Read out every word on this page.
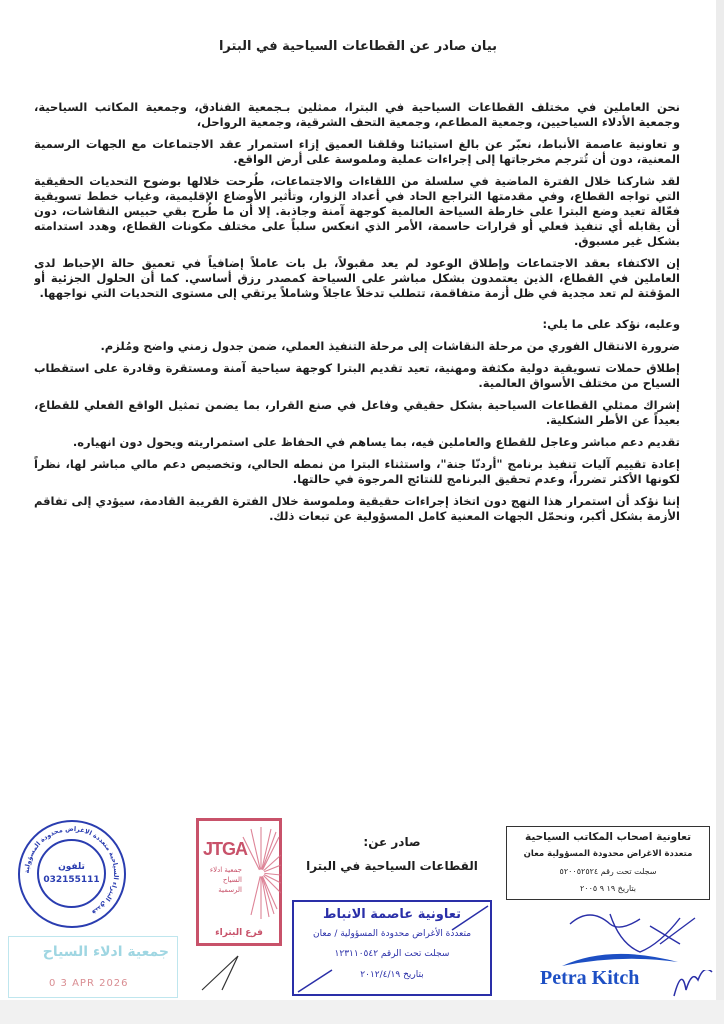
بيان صادر عن القطاعات السياحية في البترا

نحن العاملين في مختلف القطاعات السياحية في البترا، ممثلين بـجمعية الفنادق، وجمعية المكاتب السياحية، وجمعية الأدلاء السياحيين، وجمعية المطاعم، وجمعية التحف الشرقية، وجمعية الرواحل،

و تعاونية عاصمة الأنباط، نعبّر عن بالغ استيائنا وقلقنا العميق إزاء استمرار عقد الاجتماعات مع الجهات الرسمية المعنية، دون أن تُترجم مخرجاتها إلى إجراءات عملية وملموسة على أرض الواقع.

لقد شاركنا خلال الفترة الماضية في سلسلة من اللقاءات والاجتماعات، طُرحت خلالها بوضوح التحديات الحقيقية التي تواجه القطاع، وفي مقدمتها التراجع الحاد في أعداد الزوار، وتأثير الأوضاع الإقليمية، وغياب خطط تسويقية فعّالة تعيد وضع البترا على خارطة السياحة العالمية كوجهة آمنة وجاذبة. إلا أن ما طُرح بقي حبيس النقاشات، دون أن يقابله أي تنفيذ فعلي أو قرارات حاسمة، الأمر الذي انعكس سلباً على مختلف مكونات القطاع، وهدد استدامته بشكل غير مسبوق.

إن الاكتفاء بعقد الاجتماعات وإطلاق الوعود لم يعد مقبولاً، بل بات عاملاً إضافياً في تعميق حالة الإحباط لدى العاملين في القطاع، الذين يعتمدون بشكل مباشر على السياحة كمصدر رزق أساسي. كما أن الحلول الجزئية أو المؤقتة لم تعد مجدية في ظل أزمة متفاقمة، تتطلب تدخلاً عاجلاً وشاملاً يرتقي إلى مستوى التحديات التي نواجهها.

وعليه، نؤكد على ما يلي:

ضرورة الانتقال الفوري من مرحلة النقاشات إلى مرحلة التنفيذ العملي، ضمن جدول زمني واضح ومُلزم.

إطلاق حملات تسويقية دولية مكثفة ومهنية، تعيد تقديم البترا كوجهة سياحية آمنة ومستقرة وقادرة على استقطاب السياح من مختلف الأسواق العالمية.

إشراك ممثلي القطاعات السياحية بشكل حقيقي وفاعل في صنع القرار، بما يضمن تمثيل الواقع الفعلي للقطاع، بعيداً عن الأطر الشكلية.

تقديم دعم مباشر وعاجل للقطاع والعاملين فيه، بما يساهم في الحفاظ على استمراريته ويحول دون انهياره.

إعادة تقييم آليات تنفيذ برنامج "أردنّا جنة"، واستثناء البترا من نمطه الحالي، وتخصيص دعم مالي مباشر لها، نظراً لكونها الأكثر تضرراً، وعدم تحقيق البرنامج للنتائج المرجوة في حالتها.

إننا نؤكد أن استمرار هذا النهج دون اتخاذ إجراءات حقيقية وملموسة خلال الفترة القريبة القادمة، سيؤدي إلى تفاقم الأزمة بشكل أكبر، ونحمّل الجهات المعنية كامل المسؤولية عن تبعات ذلك.

فندق البتراء السياحية متعددة الاغراض محدودة المسؤولية
تلفون
032155111
جمعية ادلاء السياح
0 3 APR 2026
JTGA
جمعية ادلاء السياح الرسمية
فرع البتراء
صادر عن:
القطاعات السياحية في البترا
تعاونية عاصمة الانباط
متعددة الأغراض محدودة المسؤولية / معان
سجلت تحت الرقم ١٢٣١١٠٥٤٢
بتاريخ ٢٠١٢/٤/١٩
تعاونية اصحاب المكاتب السياحية
متعددة الاغراض محدودة المسؤولية معان
سجلت تحت رقم ٥٢٠٠٥٢٥٢٤
بتاريخ ١٩ ٩ ٢٠٠٥
Petra Kitch
